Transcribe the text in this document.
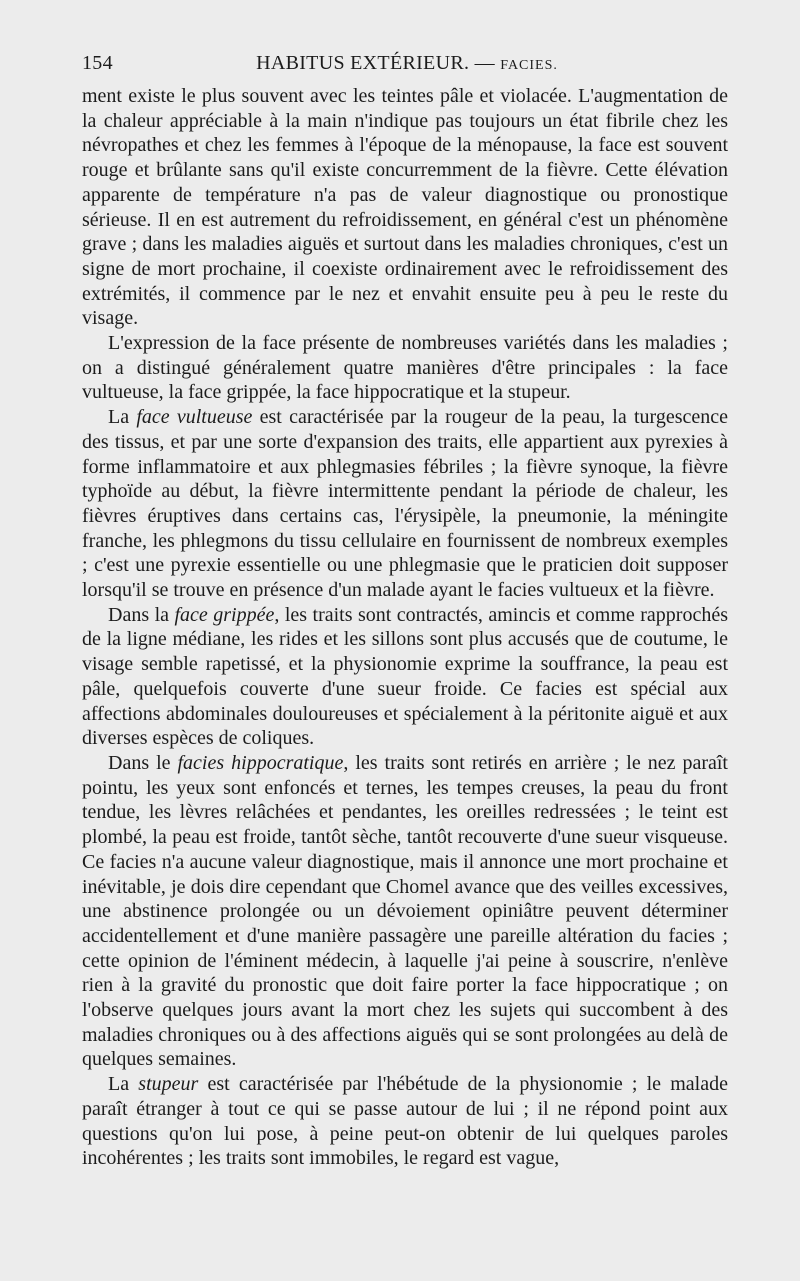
154	HABITUS EXTÉRIEUR. — FACIES.

ment existe le plus souvent avec les teintes pâle et violacée. L'augmentation de la chaleur appréciable à la main n'indique pas toujours un état fibrile chez les névropathes et chez les femmes à l'époque de la ménopause, la face est souvent rouge et brûlante sans qu'il existe concurremment de la fièvre. Cette élévation apparente de température n'a pas de valeur diagnostique ou pronostique sérieuse. Il en est autrement du refroidissement, en général c'est un phénomène grave ; dans les maladies aiguës et surtout dans les maladies chroniques, c'est un signe de mort prochaine, il coexiste ordinairement avec le refroidissement des extrémités, il commence par le nez et envahit ensuite peu à peu le reste du visage.

L'expression de la face présente de nombreuses variétés dans les maladies ; on a distingué généralement quatre manières d'être principales : la face vultueuse, la face grippée, la face hippocratique et la stupeur.

La face vultueuse est caractérisée par la rougeur de la peau, la turgescence des tissus, et par une sorte d'expansion des traits, elle appartient aux pyrexies à forme inflammatoire et aux phlegmasies fébriles ; la fièvre synoque, la fièvre typhoïde au début, la fièvre intermittente pendant la période de chaleur, les fièvres éruptives dans certains cas, l'érysipèle, la pneumonie, la méningite franche, les phlegmons du tissu cellulaire en fournissent de nombreux exemples ; c'est une pyrexie essentielle ou une phlegmasie que le praticien doit supposer lorsqu'il se trouve en présence d'un malade ayant le facies vultueux et la fièvre.

Dans la face grippée, les traits sont contractés, amincis et comme rapprochés de la ligne médiane, les rides et les sillons sont plus accusés que de coutume, le visage semble rapetissé, et la physionomie exprime la souffrance, la peau est pâle, quelquefois couverte d'une sueur froide. Ce facies est spécial aux affections abdominales douloureuses et spécialement à la péritonite aiguë et aux diverses espèces de coliques.

Dans le facies hippocratique, les traits sont retirés en arrière ; le nez paraît pointu, les yeux sont enfoncés et ternes, les tempes creuses, la peau du front tendue, les lèvres relâchées et pendantes, les oreilles redressées ; le teint est plombé, la peau est froide, tantôt sèche, tantôt recouverte d'une sueur visqueuse. Ce facies n'a aucune valeur diagnostique, mais il annonce une mort prochaine et inévitable, je dois dire cependant que Chomel avance que des veilles excessives, une abstinence prolongée ou un dévoiement opiniâtre peuvent déterminer accidentellement et d'une manière passagère une pareille altération du facies ; cette opinion de l'éminent médecin, à laquelle j'ai peine à souscrire, n'enlève rien à la gravité du pronostic que doit faire porter la face hippocratique ; on l'observe quelques jours avant la mort chez les sujets qui succombent à des maladies chroniques ou à des affections aiguës qui se sont prolongées au delà de quelques semaines.

La stupeur est caractérisée par l'hébétude de la physionomie ; le malade paraît étranger à tout ce qui se passe autour de lui ; il ne répond point aux questions qu'on lui pose, à peine peut-on obtenir de lui quelques paroles incohérentes ; les traits sont immobiles, le regard est vague,
